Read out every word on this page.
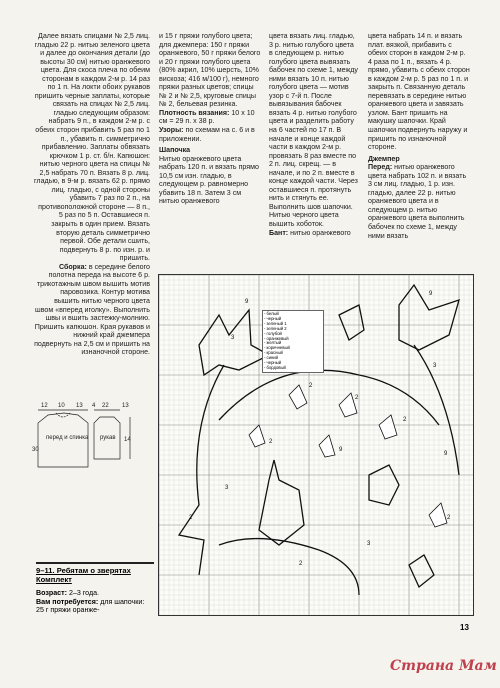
Далее вязать спицами № 2,5 лиц. гладью 22 р. нитью зеленого цвета и далее до окончания детали (до высоты 30 см) нитью оранжевого цвета. Для скоса плеча по обеим сторонам в каждом 2-м р. 14 раз по 1 п. На локти обоих рукавов пришить черные заплаты, которые связать на спицах № 2,5 лиц. гладью следующим образом: набрать 9 п., в каждом 2-м р. с обеих сторон прибавить 5 раз по 1 п., убавить п. симметрично прибавлению. Заплаты обвязать крючком 1 р. ст. б/н. Капюшон: нитью черного цвета на спицы № 2,5 набрать 70 п. Вязать 8 р. лиц. гладью, в 9-м р. вязать 62 р. прямо лиц. гладью, с одной стороны убавить 7 раз по 2 п., на противоположной стороне — 8 п., 5 раз по 5 п. Оставшиеся п. закрыть в один прием. Вязать вторую деталь симметрично первой. Обе детали сшить, подвернуть 8 р. по изн. р. и пришить.

Сборка: в середине белого полотна переда на высоте 6 р. трикотажным швом вышить мотив паровозика. Контур мотива вышить нитью черного цвета швом «вперед иголку». Выполнить швы и вшить застежку-молнию. Пришить капюшон. Края рукавов и нижний край джемпера подвернуть на 2,5 см и пришить на изнаночной стороне.

и 15 г пряжи голубого цвета; для джемпера: 150 г пряжи оранжевого, 50 г пряжи белого и 20 г пряжи голубого цвета (80% акрил, 10% шерсть, 10% вискоза; 416 м/100 г), немного пряжи разных цветов; спицы № 2 и № 2,5, круговые спицы № 2, бельевая резинка.

Плотность вязания: 10 х 10 см = 29 п. х 38 р.

Узоры: по схемам на с. 6 и в приложении.

Шапочка

Нитью оранжевого цвета набрать 120 п. и вязать прямо 10,5 см изн. гладью, в следующем р. равномерно убавить 18 п. Затем 3 см нитью оранжевого

цвета вязать лиц. гладью, 3 р. нитью голубого цвета в следующем р. нитью голубого цвета вывязать бабочек по схеме 1, между ними вязать 10 п. нитью голубого цвета — мотив узор с 7-й п. После вывязывания бабочек вязать 4 р. нитью голубого цвета и разделить работу на 6 частей по 17 п. В начале и конце каждой части в каждом 2-м р. провязать 8 раз вместе по 2 п. лиц. скрещ. — в начале, и по 2 п. вместе в конце каждой части. Через оставшиеся п. протянуть нить и стянуть ее. Выполнить шов шапочки. Нитью черного цвета вышить хоботок.

Бант: нитью оранжевого

цвета набрать 14 п. и вязать плат. вязкой, прибавить с обеих сторон в каждом 2-м р. 4 раза по 1 п., вязать 4 р. прямо, убавить с обеих сторон в каждом 2-м р. 5 раз по 1 п. и закрыть п. Связанную деталь перевязать в середине нитью оранжевого цвета и завязать узлом. Бант пришить на макушку шапочки. Край шапочки подвернуть наружу и пришить по изнаночной стороне.

Джемпер

Перед: нитью оранжевого цвета набрать 102 п. и вязать 3 см лиц. гладью, 1 р. изн. гладью, далее 22 р. нитью оранжевого цвета и в следующем р. нитью оранжевого цвета выполнить бабочек по схеме 1, между ними вязать

перед и спинка рукав
12 10 13 4 22 13
14
30
9–11. Ребятам о зверятах Комплект

Возраст: 2–3 года.

Вам потребуется: для шапочки: 25 г пряжи оранже-

9
3
2
2
9
2
3
2
2
9
2
3
9
2
3
- белый
- черный
- зеленый 1
- зеленый 2
- голубой
- оранжевый
- желтый
- коричневый
- красный
- синий
- черный
- бордовый
13
Страна Мам
